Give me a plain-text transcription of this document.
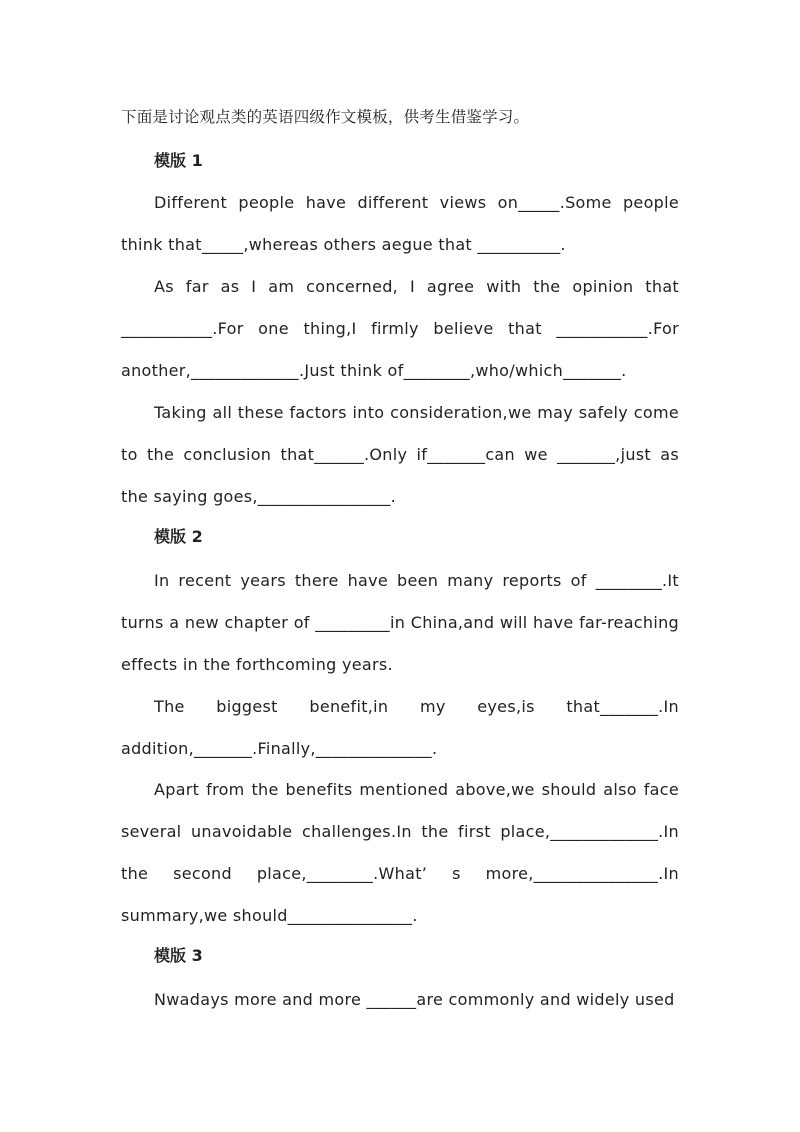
下面是讨论观点类的英语四级作文模板，供考生借鉴学习。
模版 1

Different people have different views on_____.Some people think that_____,whereas others aegue that __________.

As far as I am concerned, I agree with the opinion that ___________.For one thing,I firmly believe that ___________.For another,_____________.Just think of________,who/which_______.

Taking all these factors into consideration,we may safely come to the conclusion that______.Only if_______can we _______,just as the saying goes,________________.

模版 2

In recent years there have been many reports of ________.It turns a new chapter of _________in China,and will have far-reaching effects in the forthcoming years.

The biggest benefit,in my eyes,is that_______.In addition,_______.Finally,______________.

Apart from the benefits mentioned above,we should also face several unavoidable challenges.In the first place,_____________.In the second place,________.What’ s more,_______________.In summary,we should_______________.

模版 3

Nwadays more and more ______are commonly and widely used
